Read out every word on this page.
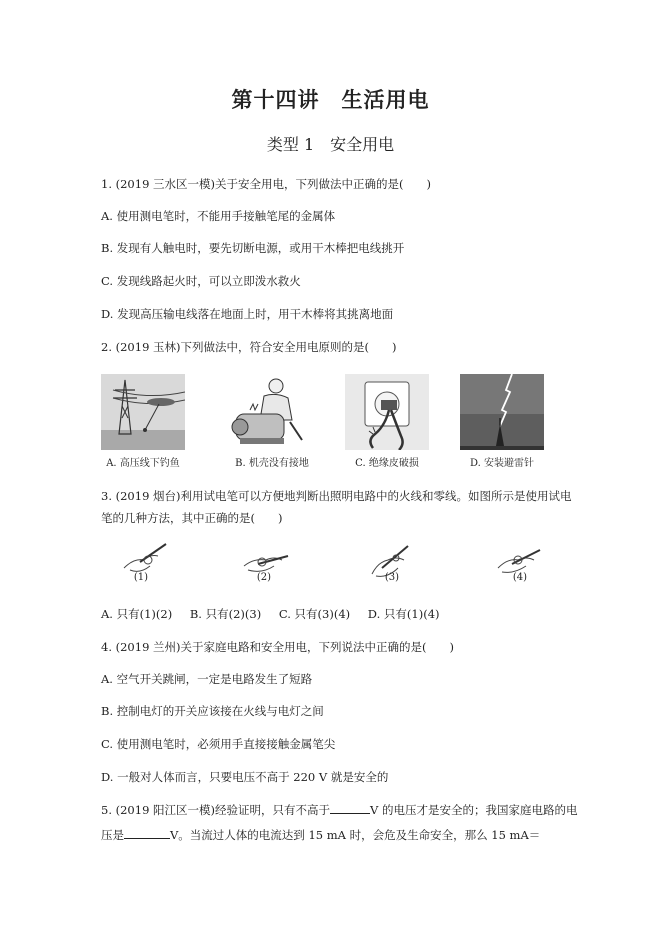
第十四讲　生活用电
类型 1　安全用电
1. (2019 三水区一模)关于安全用电，下列做法中正确的是(　　)
A. 使用测电笔时，不能用手接触笔尾的金属体
B. 发现有人触电时，要先切断电源，或用干木棒把电线挑开
C. 发现线路起火时，可以立即泼水救火
D. 发现高压输电线落在地面上时，用干木棒将其挑离地面
2. (2019 玉林)下列做法中，符合安全用电原则的是(　　)
A. 高压线下钓鱼	B. 机壳没有接地	C. 绝缘皮破损	D. 安装避雷针
3. (2019 烟台)利用试电笔可以方便地判断出照明电路中的火线和零线。如图所示是使用试电
笔的几种方法，其中正确的是(　　)
(1)	(2)	(3)	(4)
A. 只有(1)(2) B. 只有(2)(3) C. 只有(3)(4) D. 只有(1)(4)
4. (2019 兰州)关于家庭电路和安全用电，下列说法中正确的是(　　)
A. 空气开关跳闸，一定是电路发生了短路
B. 控制电灯的开关应该接在火线与电灯之间
C. 使用测电笔时，必须用手直接接触金属笔尖
D. 一般对人体而言，只要电压不高于 220 V 就是安全的
5. (2019 阳江区一模)经验证明，只有不高于	V 的电压才是安全的；我国家庭电路的电
压是	V。当流过人体的电流达到 15 mA 时，会危及生命安全，那么 15 mA＝
